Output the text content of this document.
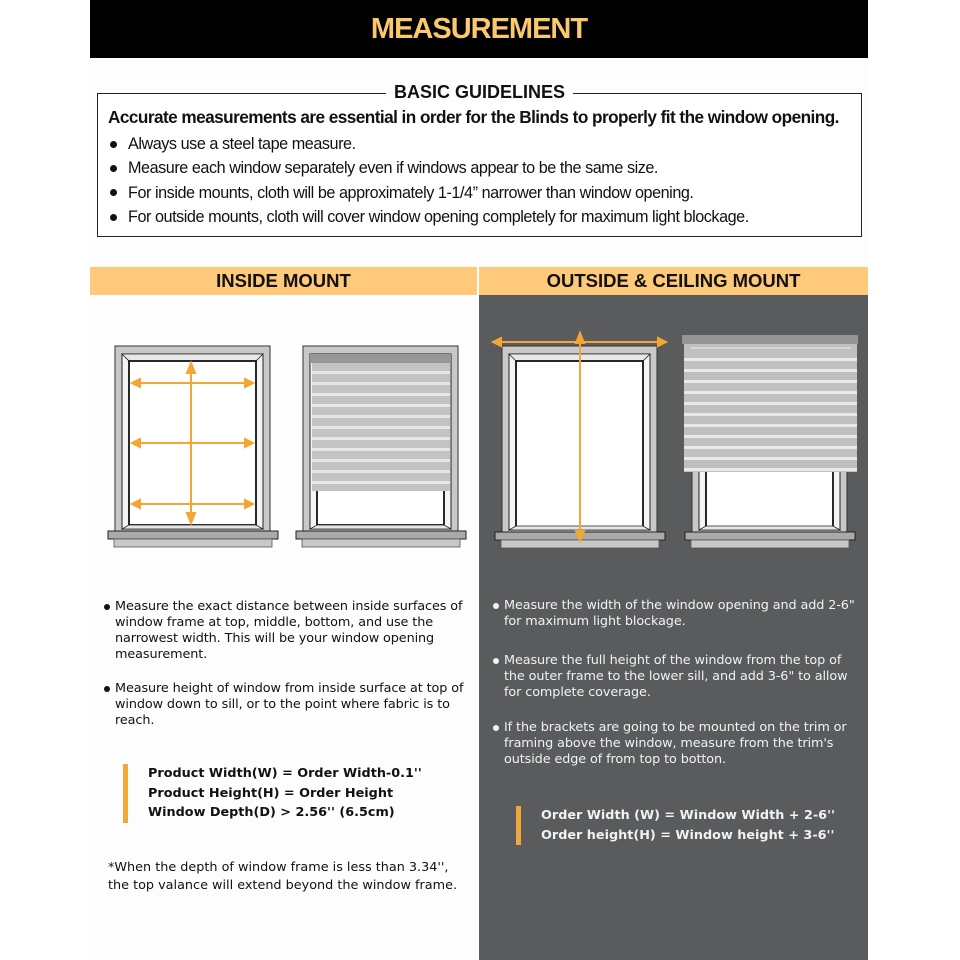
MEASUREMENT
BASIC GUIDELINES
Accurate measurements are essential in order for the Blinds to properly fit the window opening.
Always use a steel tape measure.
Measure each window separately even if windows appear to be the same size.
For inside mounts, cloth will be approximately 1-1/4” narrower than window opening.
For outside mounts, cloth will cover window opening completely for maximum light blockage.
INSIDE MOUNT
Measure the exact distance between inside surfaces of window frame at top, middle, bottom, and use the narrowest width. This will be your window opening measurement.
Measure height of window from inside surface at top of window down to sill, or to the point where fabric is to reach.
Product Width(W) = Order Width-0.1''
Product Height(H) = Order Height
Window Depth(D) > 2.56'' (6.5cm)
*When the depth of window frame is less than 3.34'',
the top valance will extend beyond the window frame.
OUTSIDE & CEILING MOUNT
Measure the width of the window opening and add 2-6" for maximum light blockage.
Measure the full height of the window from the top of the outer frame to the lower sill, and add 3-6" to allow for complete coverage.
If the brackets are going to be mounted on the trim or framing above the window, measure from the trim's outside edge of from top to botton.
Order Width (W) = Window Width + 2-6''
Order height(H) = Window height + 3-6''
